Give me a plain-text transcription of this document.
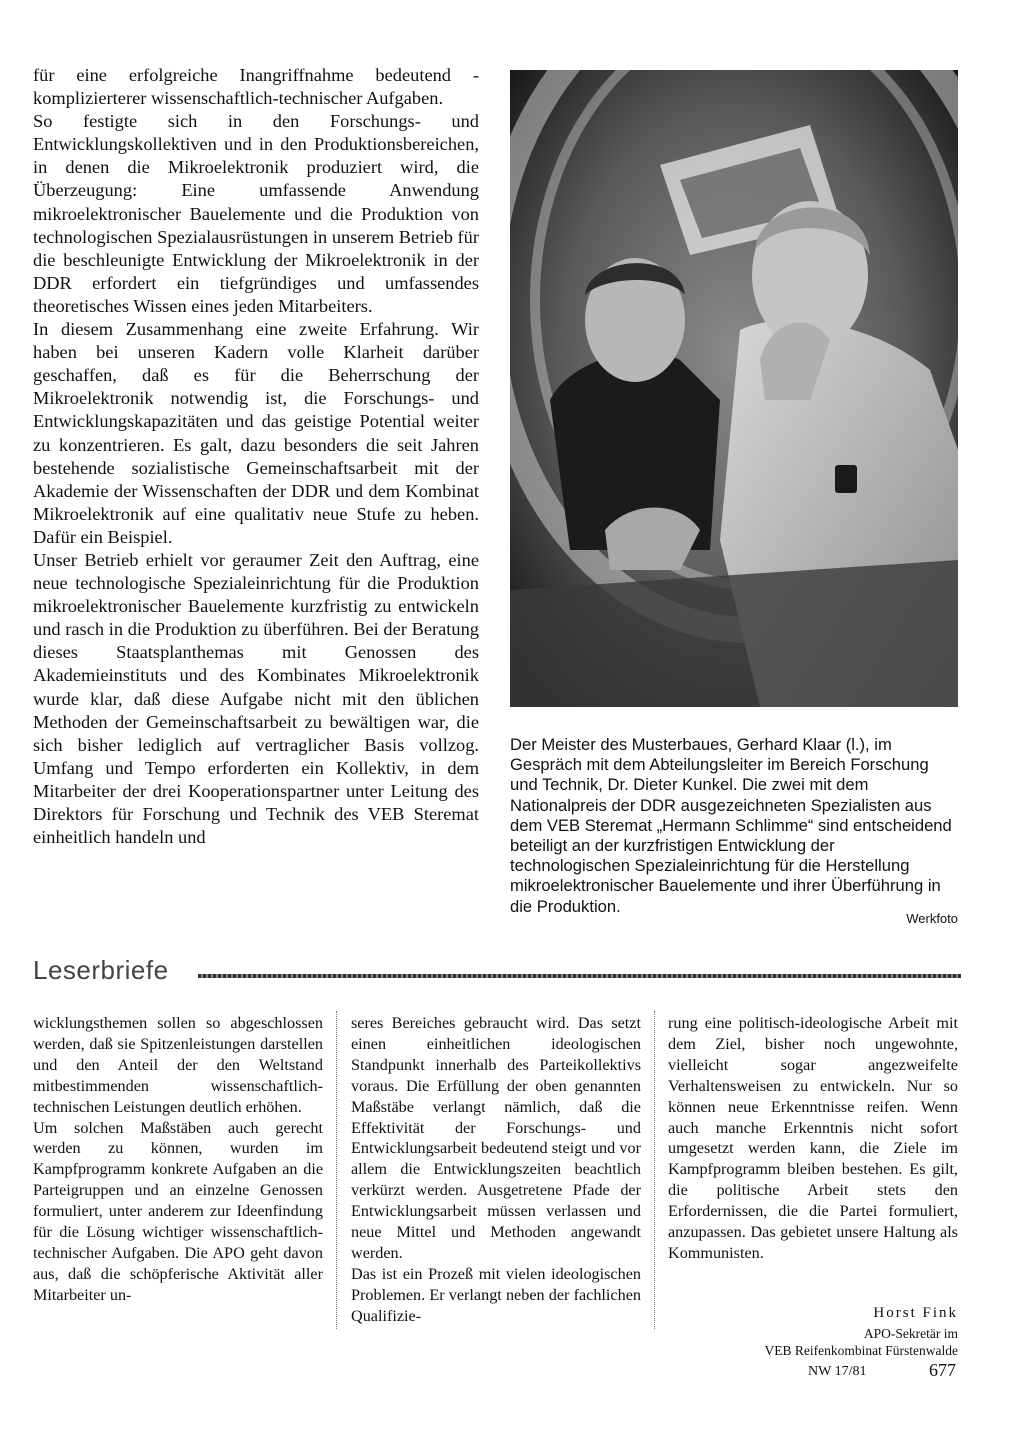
für eine erfolgreiche Inangriffnahme bedeutend -komplizierterer wissenschaftlich-technischer Aufgaben.

So festigte sich in den Forschungs- und Entwicklungskollektiven und in den Produktionsbereichen, in denen die Mikroelektronik produziert wird, die Überzeugung: Eine umfassende Anwendung mikroelektronischer Bauelemente und die Produktion von technologischen Spezialausrüstungen in unserem Betrieb für die beschleunigte Entwicklung der Mikroelektronik in der DDR erfordert ein tiefgründiges und umfassendes theoretisches Wissen eines jeden Mitarbeiters.

In diesem Zusammenhang eine zweite Erfahrung. Wir haben bei unseren Kadern volle Klarheit darüber geschaffen, daß es für die Beherrschung der Mikroelektronik notwendig ist, die Forschungs- und Entwicklungskapazitäten und das geistige Potential weiter zu konzentrieren. Es galt, dazu besonders die seit Jahren bestehende sozialistische Gemeinschaftsarbeit mit der Akademie der Wissenschaften der DDR und dem Kombinat Mikroelektronik auf eine qualitativ neue Stufe zu heben. Dafür ein Beispiel.

Unser Betrieb erhielt vor geraumer Zeit den Auftrag, eine neue technologische Spezialeinrichtung für die Produktion mikroelektronischer Bauelemente kurzfristig zu entwickeln und rasch in die Produktion zu überführen. Bei der Beratung dieses Staatsplanthemas mit Genossen des Akademieinstituts und des Kombinates Mikroelektronik wurde klar, daß diese Aufgabe nicht mit den üblichen Methoden der Gemeinschaftsarbeit zu bewältigen war, die sich bisher lediglich auf vertraglicher Basis vollzog. Umfang und Tempo erforderten ein Kollektiv, in dem Mitarbeiter der drei Kooperationspartner unter Leitung des Direktors für Forschung und Technik des VEB Steremat einheitlich handeln und

Der Meister des Musterbaues, Gerhard Klaar (l.), im Gespräch mit dem Abteilungsleiter im Bereich Forschung und Technik, Dr. Dieter Kunkel. Die zwei mit dem Nationalpreis der DDR ausgezeichneten Spezialisten aus dem VEB Steremat „Hermann Schlimme“ sind entscheidend beteiligt an der kurzfristigen Entwicklung der technologischen Spezialeinrichtung für die Herstellung mikroelektronischer Bauelemente und ihrer Überführung in die Produktion.
Werkfoto
Leserbriefe

wicklungsthemen sollen so abgeschlossen werden, daß sie Spitzenleistungen darstellen und den Anteil der den Weltstand mitbestimmenden wissenschaftlich-technischen Leistungen deutlich erhöhen.

Um solchen Maßstäben auch gerecht werden zu können, wurden im Kampfprogramm konkrete Aufgaben an die Parteigruppen und an einzelne Genossen formuliert, unter anderem zur Ideenfindung für die Lösung wichtiger wissenschaftlich-technischer Aufgaben. Die APO geht davon aus, daß die schöpferische Aktivität aller Mitarbeiter un-

seres Bereiches gebraucht wird. Das setzt einen einheitlichen ideologischen Standpunkt innerhalb des Parteikollektivs voraus. Die Erfüllung der oben genannten Maßstäbe verlangt nämlich, daß die Effektivität der Forschungs- und Entwicklungsarbeit bedeutend steigt und vor allem die Entwicklungszeiten beachtlich verkürzt werden. Ausgetretene Pfade der Entwicklungsarbeit müssen verlassen und neue Mittel und Methoden angewandt werden.

Das ist ein Prozeß mit vielen ideologischen Problemen. Er verlangt neben der fachlichen Qualifizie-

rung eine politisch-ideologische Arbeit mit dem Ziel, bisher noch ungewohnte, vielleicht sogar angezweifelte Verhaltensweisen zu entwickeln. Nur so können neue Erkenntnisse reifen. Wenn auch manche Erkenntnis nicht sofort umgesetzt werden kann, die Ziele im Kampfprogramm bleiben bestehen. Es gilt, die politische Arbeit stets den Erfordernissen, die die Partei formuliert, anzupassen. Das gebietet unsere Haltung als Kommunisten.

Horst Fink
APO-Sekretär im
VEB Reifenkombinat Fürstenwalde
NW 17/81	677
